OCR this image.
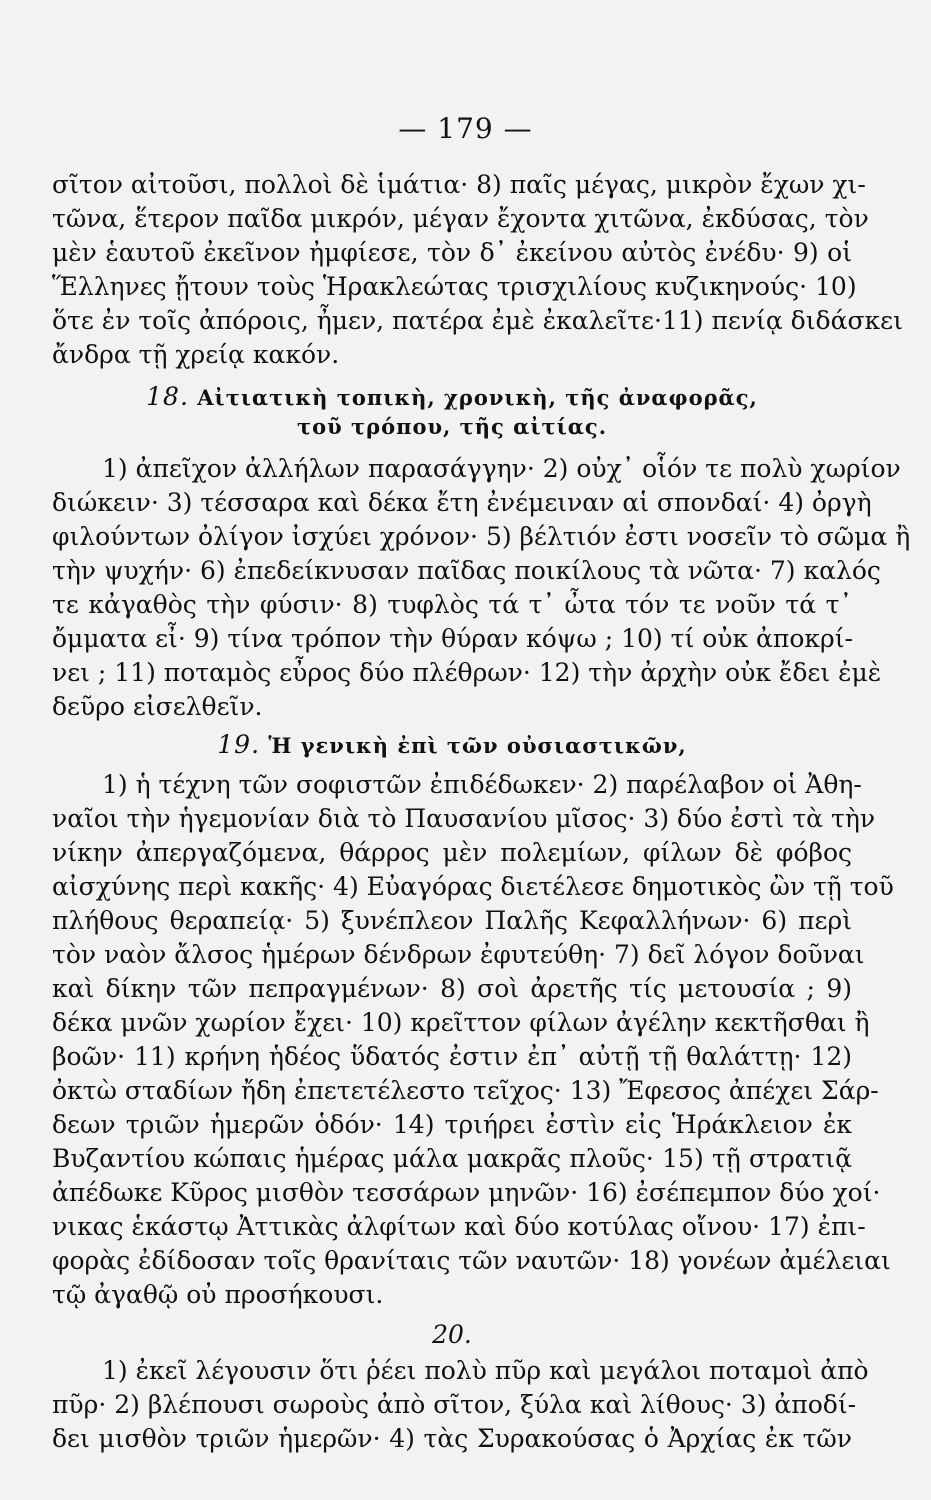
— 179 —
σῖτον αἰτοῦσι, πολλοὶ δὲ ἱμάτια· 8) παῖς μέγας, μικρὸν ἔχων χι-
τῶνα, ἕτερον παῖδα μικρόν, μέγαν ἔχοντα χιτῶνα, ἐκδύσας, τὸν
μὲν ἑαυτοῦ ἐκεῖνον ἠμφίεσε, τὸν δ᾽ ἐκείνου αὐτὸς ἐνέδυ· 9) οἱ
Ἕλληνες ᾔτουν τοὺς Ἡρακλεώτας τρισχιλίους κυζικηνούς· 10)
ὅτε ἐν τοῖς ἀπόροις, ἦμεν, πατέρα ἐμὲ ἐκαλεῖτε·11) πενίᾳ διδάσκει
ἄνδρα τῇ χρείᾳ κακόν.
18. Αἰτιατικὴ τοπικὴ, χρονικὴ, τῆς ἀναφορᾶς,
τοῦ τρόπου, τῆς αἰτίας.
1) ἀπεῖχον ἀλλήλων παρασάγγην· 2) οὐχ᾽ οἷόν τε πολὺ χωρίον
διώκειν· 3) τέσσαρα καὶ δέκα ἔτη ἐνέμειναν αἱ σπονδαί· 4) ὀργὴ
φιλούντων ὀλίγον ἰσχύει χρόνον· 5) βέλτιόν ἐστι νοσεῖν τὸ σῶμα ἢ
τὴν ψυχήν· 6) ἐπεδείκνυσαν παῖδας ποικίλους τὰ νῶτα· 7) καλός
τε κἀγαθὸς τὴν φύσιν· 8) τυφλὸς τά τ᾽ ὦτα τόν τε νοῦν τά τ᾽
ὄμματα εἶ· 9) τίνα τρόπον τὴν θύραν κόψω ; 10) τί οὐκ ἀποκρί-
νει ; 11) ποταμὸς εὖρος δύο πλέθρων· 12) τὴν ἀρχὴν οὐκ ἔδει ἐμὲ
δεῦρο εἰσελθεῖν.
19. Ἡ γενικὴ ἐπὶ τῶν οὐσιαστικῶν,
1) ἡ τέχνη τῶν σοφιστῶν ἐπιδέδωκεν· 2) παρέλαβον οἱ Ἀθη-
ναῖοι τὴν ἡγεμονίαν διὰ τὸ Παυσανίου μῖσος· 3) δύο ἐστὶ τὰ τὴν
νίκην ἀπεργαζόμενα, θάρρος μὲν πολεμίων, φίλων δὲ φόβος
αἰσχύνης περὶ κακῆς· 4) Εὐαγόρας διετέλεσε δημοτικὸς ὢν τῇ τοῦ
πλήθους θεραπείᾳ· 5) ξυνέπλεον Παλῆς Κεφαλλήνων· 6) περὶ
τὸν ναὸν ἄλσος ἡμέρων δένδρων ἐφυτεύθη· 7) δεῖ λόγον δοῦναι
καὶ δίκην τῶν πεπραγμένων· 8) σοὶ ἀρετῆς τίς μετουσία ; 9)
δέκα μνῶν χωρίον ἔχει· 10) κρεῖττον φίλων ἀγέλην κεκτῆσθαι ἢ
βοῶν· 11) κρήνη ἡδέος ὕδατός ἐστιν ἐπ᾽ αὐτῇ τῇ θαλάττῃ· 12)
ὀκτὼ σταδίων ἤδη ἐπετετέλεστο τεῖχος· 13) Ἔφεσος ἀπέχει Σάρ-
δεων τριῶν ἡμερῶν ὁδόν· 14) τριήρει ἐστὶν εἰς Ἡράκλειον ἐκ
Βυζαντίου κώπαις ἡμέρας μάλα μακρᾶς πλοῦς· 15) τῇ στρατιᾷ
ἀπέδωκε Κῦρος μισθὸν τεσσάρων μηνῶν· 16) ἐσέπεμπον δύο χοί·
νικας ἑκάστῳ Ἀττικὰς ἀλφίτων καὶ δύο κοτύλας οἴνου· 17) ἐπι-
φορὰς ἐδίδοσαν τοῖς θρανίταις τῶν ναυτῶν· 18) γονέων ἀμέλειαι
τῷ ἀγαθῷ οὐ προσήκουσι.
20.
1) ἐκεῖ λέγουσιν ὅτι ῥέει πολὺ πῦρ καὶ μεγάλοι ποταμοὶ ἀπὸ
πῦρ· 2) βλέπουσι σωροὺς ἀπὸ σῖτον, ξύλα καὶ λίθους· 3) ἀποδί-
δει μισθὸν τριῶν ἡμερῶν· 4) τὰς Συρακούσας ὁ Ἀρχίας ἐκ τῶν
